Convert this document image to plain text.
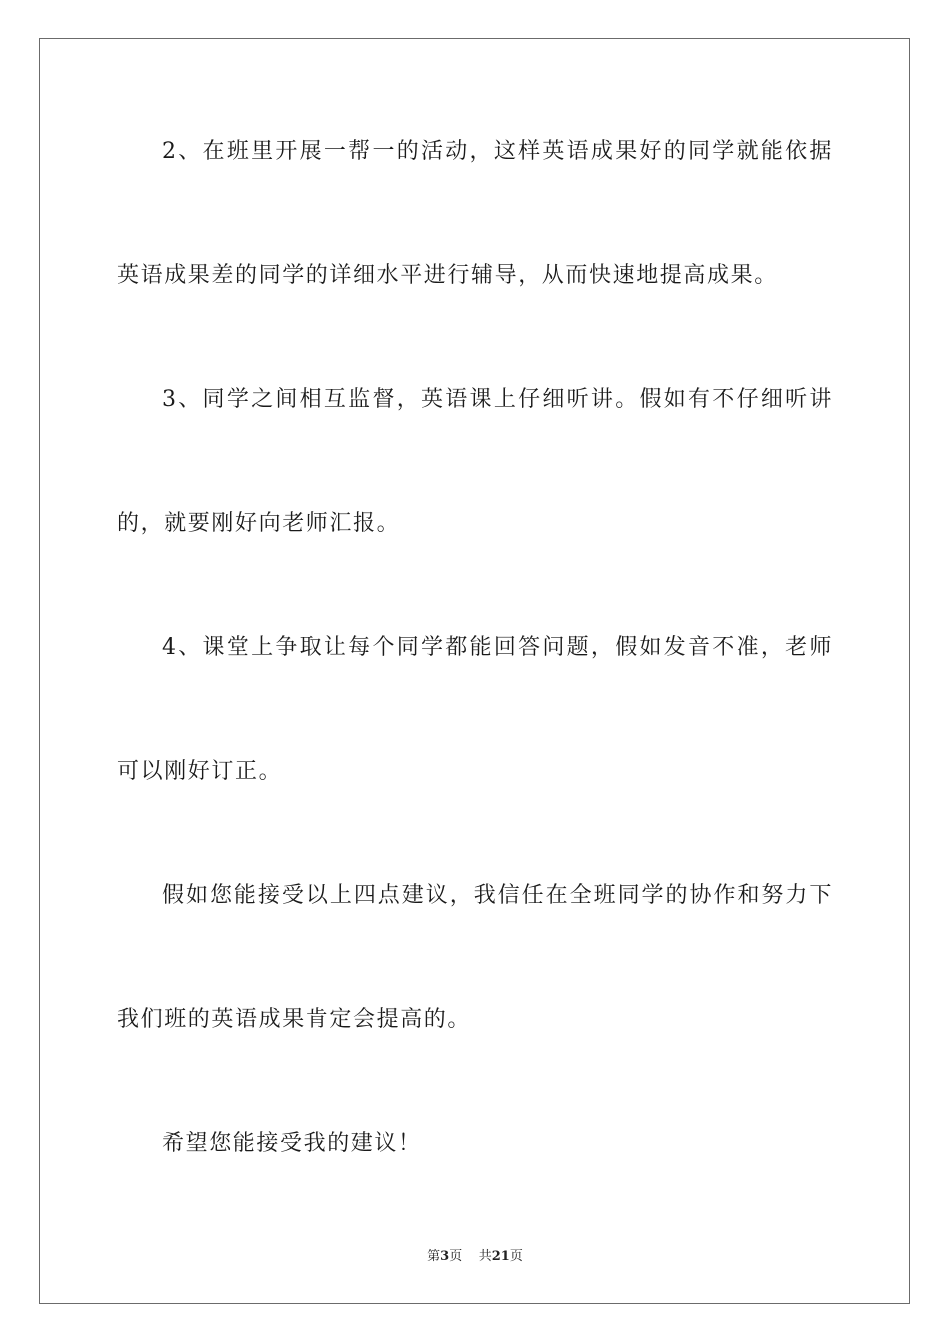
2、在班里开展一帮一的活动，这样英语成果好的同学就能依据
英语成果差的同学的详细水平进行辅导，从而快速地提高成果。
3、同学之间相互监督，英语课上仔细听讲。假如有不仔细听讲
的，就要刚好向老师汇报。
4、课堂上争取让每个同学都能回答问题，假如发音不准，老师
可以刚好订正。
假如您能接受以上四点建议，我信任在全班同学的协作和努力下
我们班的英语成果肯定会提高的。
希望您能接受我的建议！
第3页 共21页
